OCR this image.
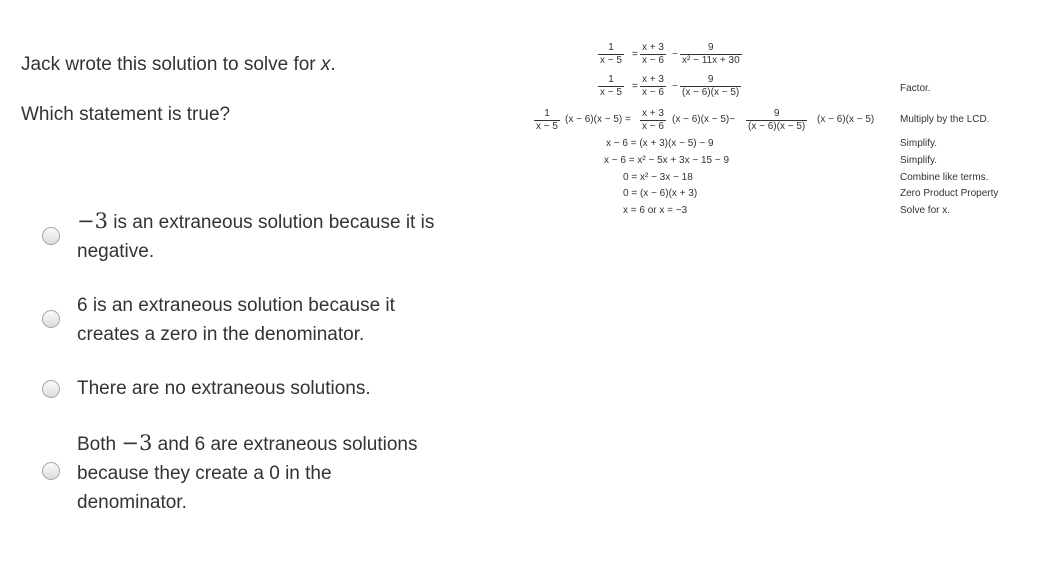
Jack wrote this solution to solve for x.

Which statement is true?

$\frac{1}{x - 5} = \frac{x + 3}{x - 6} - \frac{9}{\text{x² − 11x + 30}}$
$\frac{1}{x - 5} = \frac{x + 3}{x - 6} - \frac{9}{(x - 6)(x - 5)}$	Factor.
$\frac{1}{x - 5} (x - 6)(x - 5) = \frac{x + 3}{x - 6} (x - 6)(x - 5)- \frac{9}{(x - 6)(x - 5)} (x - 6)(x - 5)$	Multiply by the LCD.
x − 6 = (x + 3)(x − 5) − 9	Simplify.
x − 6 = x² − 5x + 3x − 15 − 9	Simplify.
0 = x² − 3x − 18	Combine like terms.
0 = (x − 6)(x + 3)	Zero Product Property
x = 6 or x = −3	Solve for x.
−3 is an extraneous solution because it is negative.
6 is an extraneous solution because it creates a zero in the denominator.
There are no extraneous solutions.
Both −3 and 6 are extraneous solutions because they create a 0 in the denominator.
